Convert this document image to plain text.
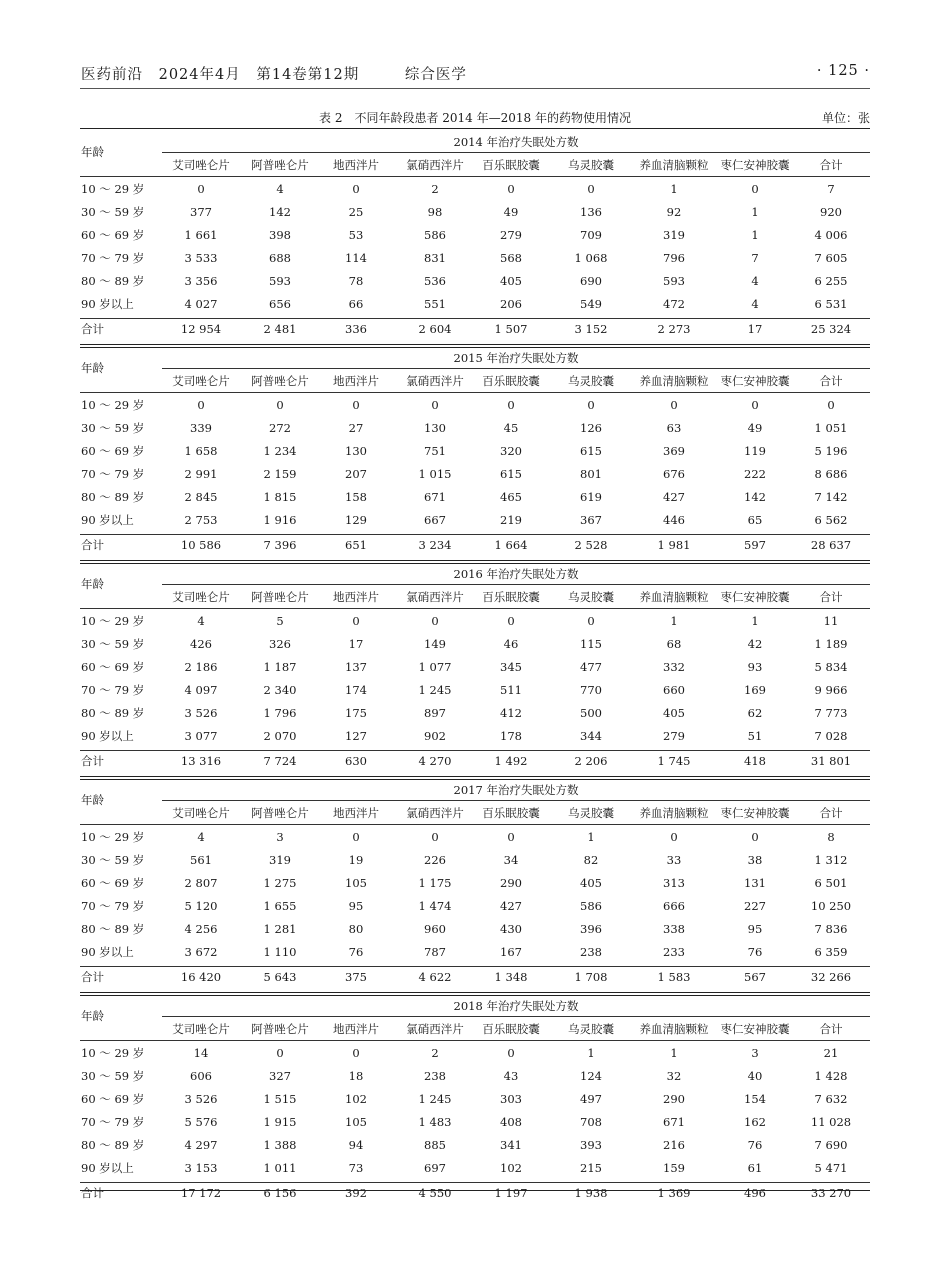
医药前沿 2024年4月 第14卷第12期	综合医学	· 125 ·
表 2　不同年龄段患者 2014 年—2018 年的药物使用情况	单位：张
2014 年治疗失眠处方数
年龄
艾司唑仑片	阿普唑仑片	地西泮片	氯硝西泮片	百乐眠胶囊	乌灵胶囊	养血清脑颗粒	枣仁安神胶囊	合计
10 ～ 29 岁	0	4	0	2	0	0	1	0	7
30 ～ 59 岁	377	142	25	98	49	136	92	1	920
60 ～ 69 岁	1 661	398	53	586	279	709	319	1	4 006
70 ～ 79 岁	3 533	688	114	831	568	1 068	796	7	7 605
80 ～ 89 岁	3 356	593	78	536	405	690	593	4	6 255
90 岁以上	4 027	656	66	551	206	549	472	4	6 531
合计	12 954	2 481	336	2 604	1 507	3 152	2 273	17	25 324
2015 年治疗失眠处方数
年龄
艾司唑仑片	阿普唑仑片	地西泮片	氯硝西泮片	百乐眠胶囊	乌灵胶囊	养血清脑颗粒	枣仁安神胶囊	合计
10 ～ 29 岁	0	0	0	0	0	0	0	0	0
30 ～ 59 岁	339	272	27	130	45	126	63	49	1 051
60 ～ 69 岁	1 658	1 234	130	751	320	615	369	119	5 196
70 ～ 79 岁	2 991	2 159	207	1 015	615	801	676	222	8 686
80 ～ 89 岁	2 845	1 815	158	671	465	619	427	142	7 142
90 岁以上	2 753	1 916	129	667	219	367	446	65	6 562
合计	10 586	7 396	651	3 234	1 664	2 528	1 981	597	28 637
2016 年治疗失眠处方数
年龄
艾司唑仑片	阿普唑仑片	地西泮片	氯硝西泮片	百乐眠胶囊	乌灵胶囊	养血清脑颗粒	枣仁安神胶囊	合计
10 ～ 29 岁	4	5	0	0	0	0	1	1	11
30 ～ 59 岁	426	326	17	149	46	115	68	42	1 189
60 ～ 69 岁	2 186	1 187	137	1 077	345	477	332	93	5 834
70 ～ 79 岁	4 097	2 340	174	1 245	511	770	660	169	9 966
80 ～ 89 岁	3 526	1 796	175	897	412	500	405	62	7 773
90 岁以上	3 077	2 070	127	902	178	344	279	51	7 028
合计	13 316	7 724	630	4 270	1 492	2 206	1 745	418	31 801
2017 年治疗失眠处方数
年龄
艾司唑仑片	阿普唑仑片	地西泮片	氯硝西泮片	百乐眠胶囊	乌灵胶囊	养血清脑颗粒	枣仁安神胶囊	合计
10 ～ 29 岁	4	3	0	0	0	1	0	0	8
30 ～ 59 岁	561	319	19	226	34	82	33	38	1 312
60 ～ 69 岁	2 807	1 275	105	1 175	290	405	313	131	6 501
70 ～ 79 岁	5 120	1 655	95	1 474	427	586	666	227	10 250
80 ～ 89 岁	4 256	1 281	80	960	430	396	338	95	7 836
90 岁以上	3 672	1 110	76	787	167	238	233	76	6 359
合计	16 420	5 643	375	4 622	1 348	1 708	1 583	567	32 266
2018 年治疗失眠处方数
年龄
艾司唑仑片	阿普唑仑片	地西泮片	氯硝西泮片	百乐眠胶囊	乌灵胶囊	养血清脑颗粒	枣仁安神胶囊	合计
10 ～ 29 岁	14	0	0	2	0	1	1	3	21
30 ～ 59 岁	606	327	18	238	43	124	32	40	1 428
60 ～ 69 岁	3 526	1 515	102	1 245	303	497	290	154	7 632
70 ～ 79 岁	5 576	1 915	105	1 483	408	708	671	162	11 028
80 ～ 89 岁	4 297	1 388	94	885	341	393	216	76	7 690
90 岁以上	3 153	1 011	73	697	102	215	159	61	5 471
合计	17 172	6 156	392	4 550	1 197	1 938	1 369	496	33 270
